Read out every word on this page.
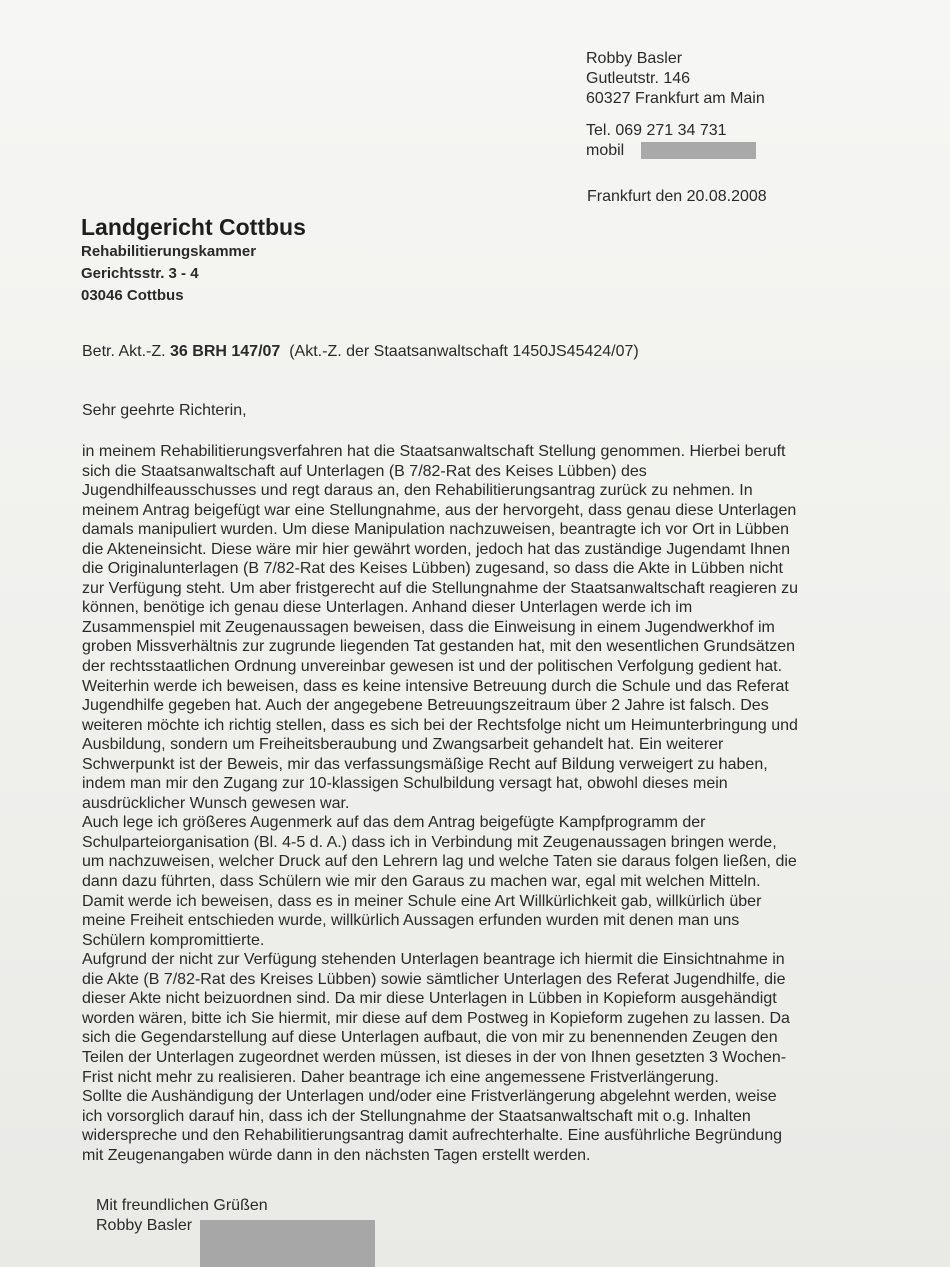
Robby Basler
Gutleutstr. 146
60327 Frankfurt am Main
Tel. 069 271 34 731
mobil
Frankfurt den 20.08.2008
Landgericht Cottbus
Rehabilitierungskammer
Gerichtsstr. 3 - 4
03046 Cottbus
Betr. Akt.-Z. 36 BRH 147/07 (Akt.-Z. der Staatsanwaltschaft 1450JS45424/07)
Sehr geehrte Richterin,
in meinem Rehabilitierungsverfahren hat die Staatsanwaltschaft Stellung genommen. Hierbei beruft
sich die Staatsanwaltschaft auf Unterlagen (B 7/82-Rat des Keises Lübben) des
Jugendhilfeausschusses und regt daraus an, den Rehabilitierungsantrag zurück zu nehmen. In
meinem Antrag beigefügt war eine Stellungnahme, aus der hervorgeht, dass genau diese Unterlagen
damals manipuliert wurden. Um diese Manipulation nachzuweisen, beantragte ich vor Ort in Lübben
die Akteneinsicht. Diese wäre mir hier gewährt worden, jedoch hat das zuständige Jugendamt Ihnen
die Originalunterlagen (B 7/82-Rat des Keises Lübben) zugesand, so dass die Akte in Lübben nicht
zur Verfügung steht. Um aber fristgerecht auf die Stellungnahme der Staatsanwaltschaft reagieren zu
können, benötige ich genau diese Unterlagen. Anhand dieser Unterlagen werde ich im
Zusammenspiel mit Zeugenaussagen beweisen, dass die Einweisung in einem Jugendwerkhof im
groben Missverhältnis zur zugrunde liegenden Tat gestanden hat, mit den wesentlichen Grundsätzen
der rechtsstaatlichen Ordnung unvereinbar gewesen ist und der politischen Verfolgung gedient hat.
Weiterhin werde ich beweisen, dass es keine intensive Betreuung durch die Schule und das Referat
Jugendhilfe gegeben hat. Auch der angegebene Betreuungszeitraum über 2 Jahre ist falsch. Des
weiteren möchte ich richtig stellen, dass es sich bei der Rechtsfolge nicht um Heimunterbringung und
Ausbildung, sondern um Freiheitsberaubung und Zwangsarbeit gehandelt hat. Ein weiterer
Schwerpunkt ist der Beweis, mir das verfassungsmäßige Recht auf Bildung verweigert zu haben,
indem man mir den Zugang zur 10-klassigen Schulbildung versagt hat, obwohl dieses mein
ausdrücklicher Wunsch gewesen war.
Auch lege ich größeres Augenmerk auf das dem Antrag beigefügte Kampfprogramm der
Schulparteiorganisation (Bl. 4-5 d. A.) dass ich in Verbindung mit Zeugenaussagen bringen werde,
um nachzuweisen, welcher Druck auf den Lehrern lag und welche Taten sie daraus folgen ließen, die
dann dazu führten, dass Schülern wie mir den Garaus zu machen war, egal mit welchen Mitteln.
Damit werde ich beweisen, dass es in meiner Schule eine Art Willkürlichkeit gab, willkürlich über
meine Freiheit entschieden wurde, willkürlich Aussagen erfunden wurden mit denen man uns
Schülern kompromittierte.
Aufgrund der nicht zur Verfügung stehenden Unterlagen beantrage ich hiermit die Einsichtnahme in
die Akte (B 7/82-Rat des Kreises Lübben) sowie sämtlicher Unterlagen des Referat Jugendhilfe, die
dieser Akte nicht beizuordnen sind. Da mir diese Unterlagen in Lübben in Kopieform ausgehändigt
worden wären, bitte ich Sie hiermit, mir diese auf dem Postweg in Kopieform zugehen zu lassen. Da
sich die Gegendarstellung auf diese Unterlagen aufbaut, die von mir zu benennenden Zeugen den
Teilen der Unterlagen zugeordnet werden müssen, ist dieses in der von Ihnen gesetzten 3 Wochen-
Frist nicht mehr zu realisieren. Daher beantrage ich eine angemessene Fristverlängerung.
Sollte die Aushändigung der Unterlagen und/oder eine Fristverlängerung abgelehnt werden, weise
ich vorsorglich darauf hin, dass ich der Stellungnahme der Staatsanwaltschaft mit o.g. Inhalten
widerspreche und den Rehabilitierungsantrag damit aufrechterhalte. Eine ausführliche Begründung
mit Zeugenangaben würde dann in den nächsten Tagen erstellt werden.
Mit freundlichen Grüßen
Robby Basler
